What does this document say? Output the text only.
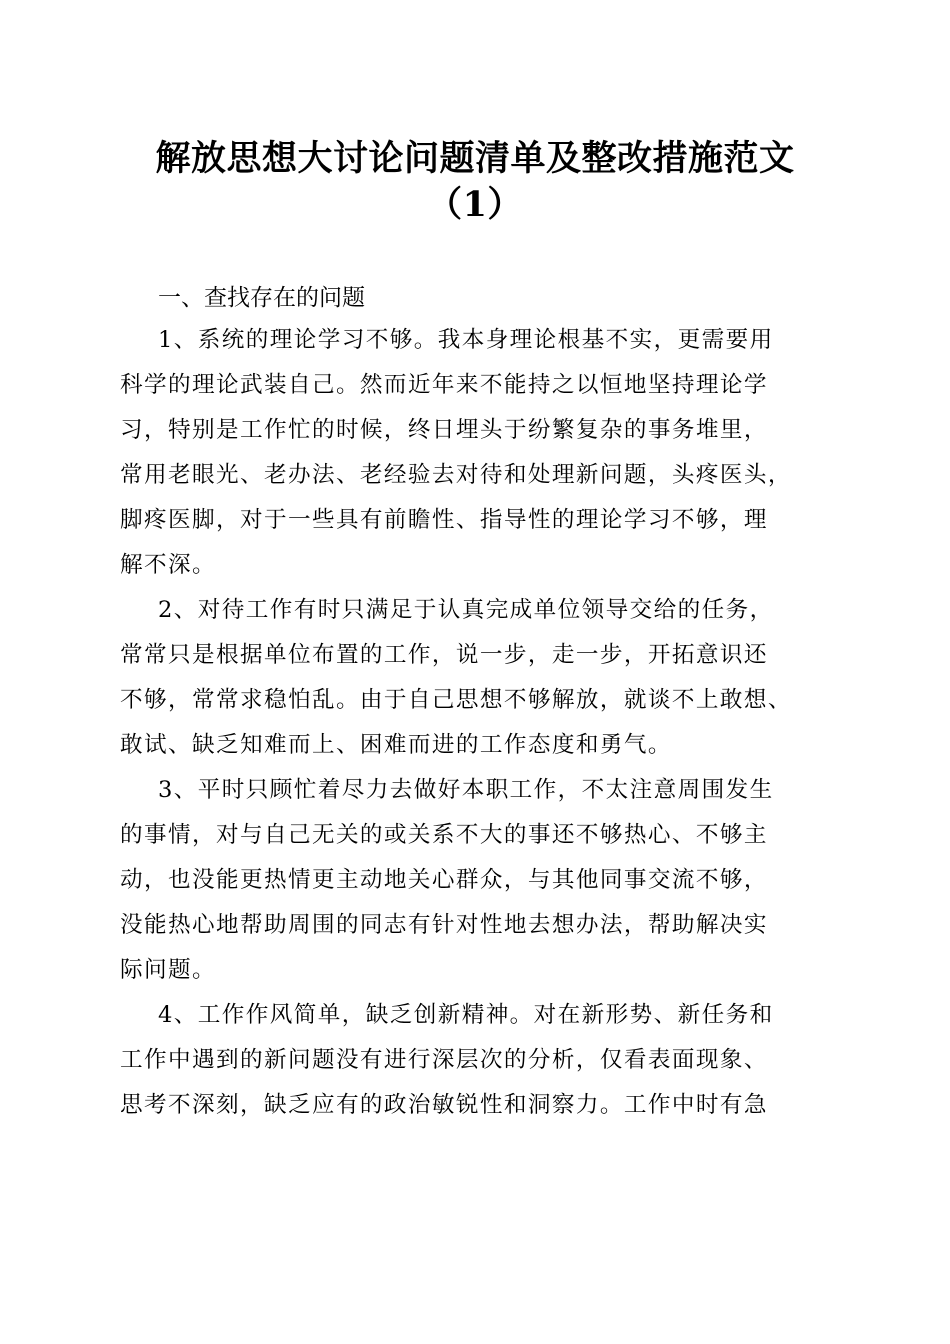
解放思想大讨论问题清单及整改措施范文
（1）
一、查找存在的问题
1、系统的理论学习不够。我本身理论根基不实，更需要用
科学的理论武装自己。然而近年来不能持之以恒地坚持理论学
习，特别是工作忙的时候，终日埋头于纷繁复杂的事务堆里，
常用老眼光、老办法、老经验去对待和处理新问题，头疼医头，
脚疼医脚，对于一些具有前瞻性、指导性的理论学习不够，理
解不深。
2、对待工作有时只满足于认真完成单位领导交给的任务，
常常只是根据单位布置的工作，说一步，走一步，开拓意识还
不够，常常求稳怕乱。由于自己思想不够解放，就谈不上敢想、
敢试、缺乏知难而上、困难而进的工作态度和勇气。
3、平时只顾忙着尽力去做好本职工作，不太注意周围发生
的事情，对与自己无关的或关系不大的事还不够热心、不够主
动，也没能更热情更主动地关心群众，与其他同事交流不够，
没能热心地帮助周围的同志有针对性地去想办法，帮助解决实
际问题。
4、工作作风简单，缺乏创新精神。对在新形势、新任务和
工作中遇到的新问题没有进行深层次的分析，仅看表面现象、
思考不深刻，缺乏应有的政治敏锐性和洞察力。工作中时有急
